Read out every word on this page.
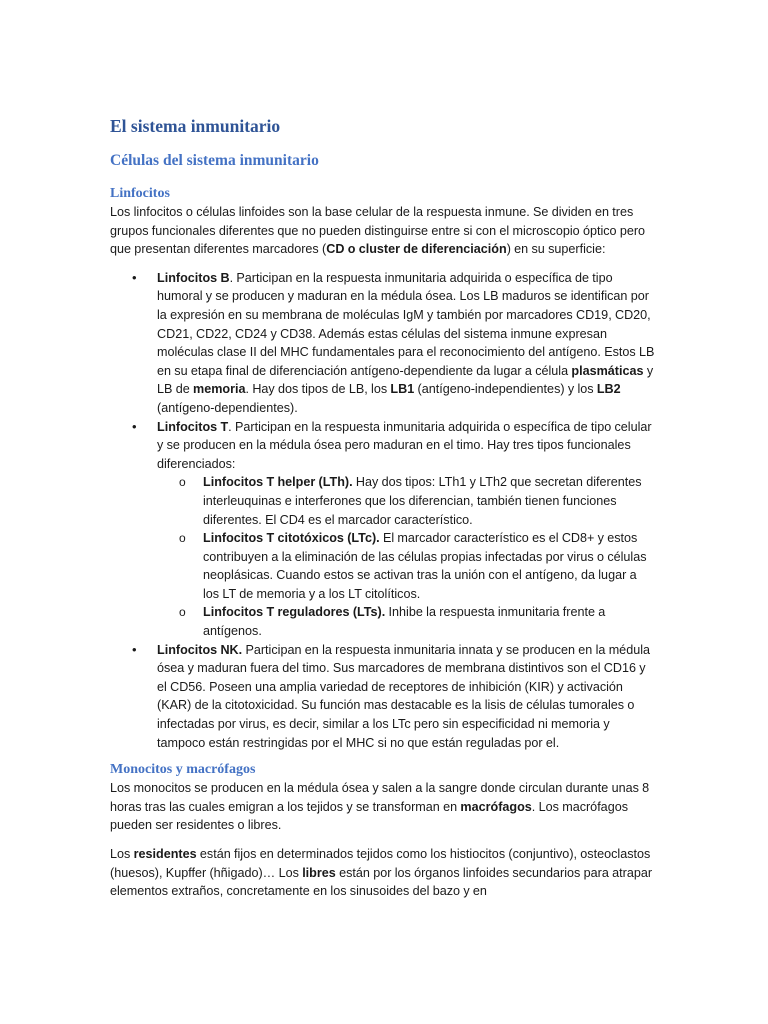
El sistema inmunitario
Células del sistema inmunitario
Linfocitos

Los linfocitos o células linfoides son la base celular de la respuesta inmune. Se dividen en tres grupos funcionales diferentes que no pueden distinguirse entre si con el microscopio óptico pero que presentan diferentes marcadores (CD o cluster de diferenciación) en su superficie:

• Linfocitos B. Participan en la respuesta inmunitaria adquirida o específica de tipo humoral y se producen y maduran en la médula ósea. Los LB maduros se identifican por la expresión en su membrana de moléculas IgM y también por marcadores CD19, CD20, CD21, CD22, CD24 y CD38. Además estas células del sistema inmune expresan moléculas clase II del MHC fundamentales para el reconocimiento del antígeno. Estos LB en su etapa final de diferenciación antígeno-dependiente da lugar a célula plasmáticas y LB de memoria. Hay dos tipos de LB, los LB1 (antígeno-independientes) y los LB2 (antígeno-dependientes).
• Linfocitos T. Participan en la respuesta inmunitaria adquirida o específica de tipo celular y se producen en la médula ósea pero maduran en el timo. Hay tres tipos funcionales diferenciados:
o Linfocitos T helper (LTh). Hay dos tipos: LTh1 y LTh2 que secretan diferentes interleuquinas e interferones que los diferencian, también tienen funciones diferentes. El CD4 es el marcador característico.
o Linfocitos T citotóxicos (LTc). El marcador característico es el CD8+ y estos contribuyen a la eliminación de las células propias infectadas por virus o células neoplásicas. Cuando estos se activan tras la unión con el antígeno, da lugar a los LT de memoria y a los LT citolíticos.
o Linfocitos T reguladores (LTs). Inhibe la respuesta inmunitaria frente a antígenos.
• Linfocitos NK. Participan en la respuesta inmunitaria innata y se producen en la médula ósea y maduran fuera del timo. Sus marcadores de membrana distintivos son el CD16 y el CD56. Poseen una amplia variedad de receptores de inhibición (KIR) y activación (KAR) de la citotoxicidad. Su función mas destacable es la lisis de células tumorales o infectadas por virus, es decir, similar a los LTc pero sin especificidad ni memoria y tampoco están restringidas por el MHC si no que están reguladas por el.
Monocitos y macrófagos

Los monocitos se producen en la médula ósea y salen a la sangre donde circulan durante unas 8 horas tras las cuales emigran a los tejidos y se transforman en macrófagos. Los macrófagos pueden ser residentes o libres.

Los residentes están fijos en determinados tejidos como los histiocitos (conjuntivo), osteoclastos (huesos), Kupffer (hñigado)… Los libres están por los órganos linfoides secundarios para atrapar elementos extraños, concretamente en los sinusoides del bazo y en
